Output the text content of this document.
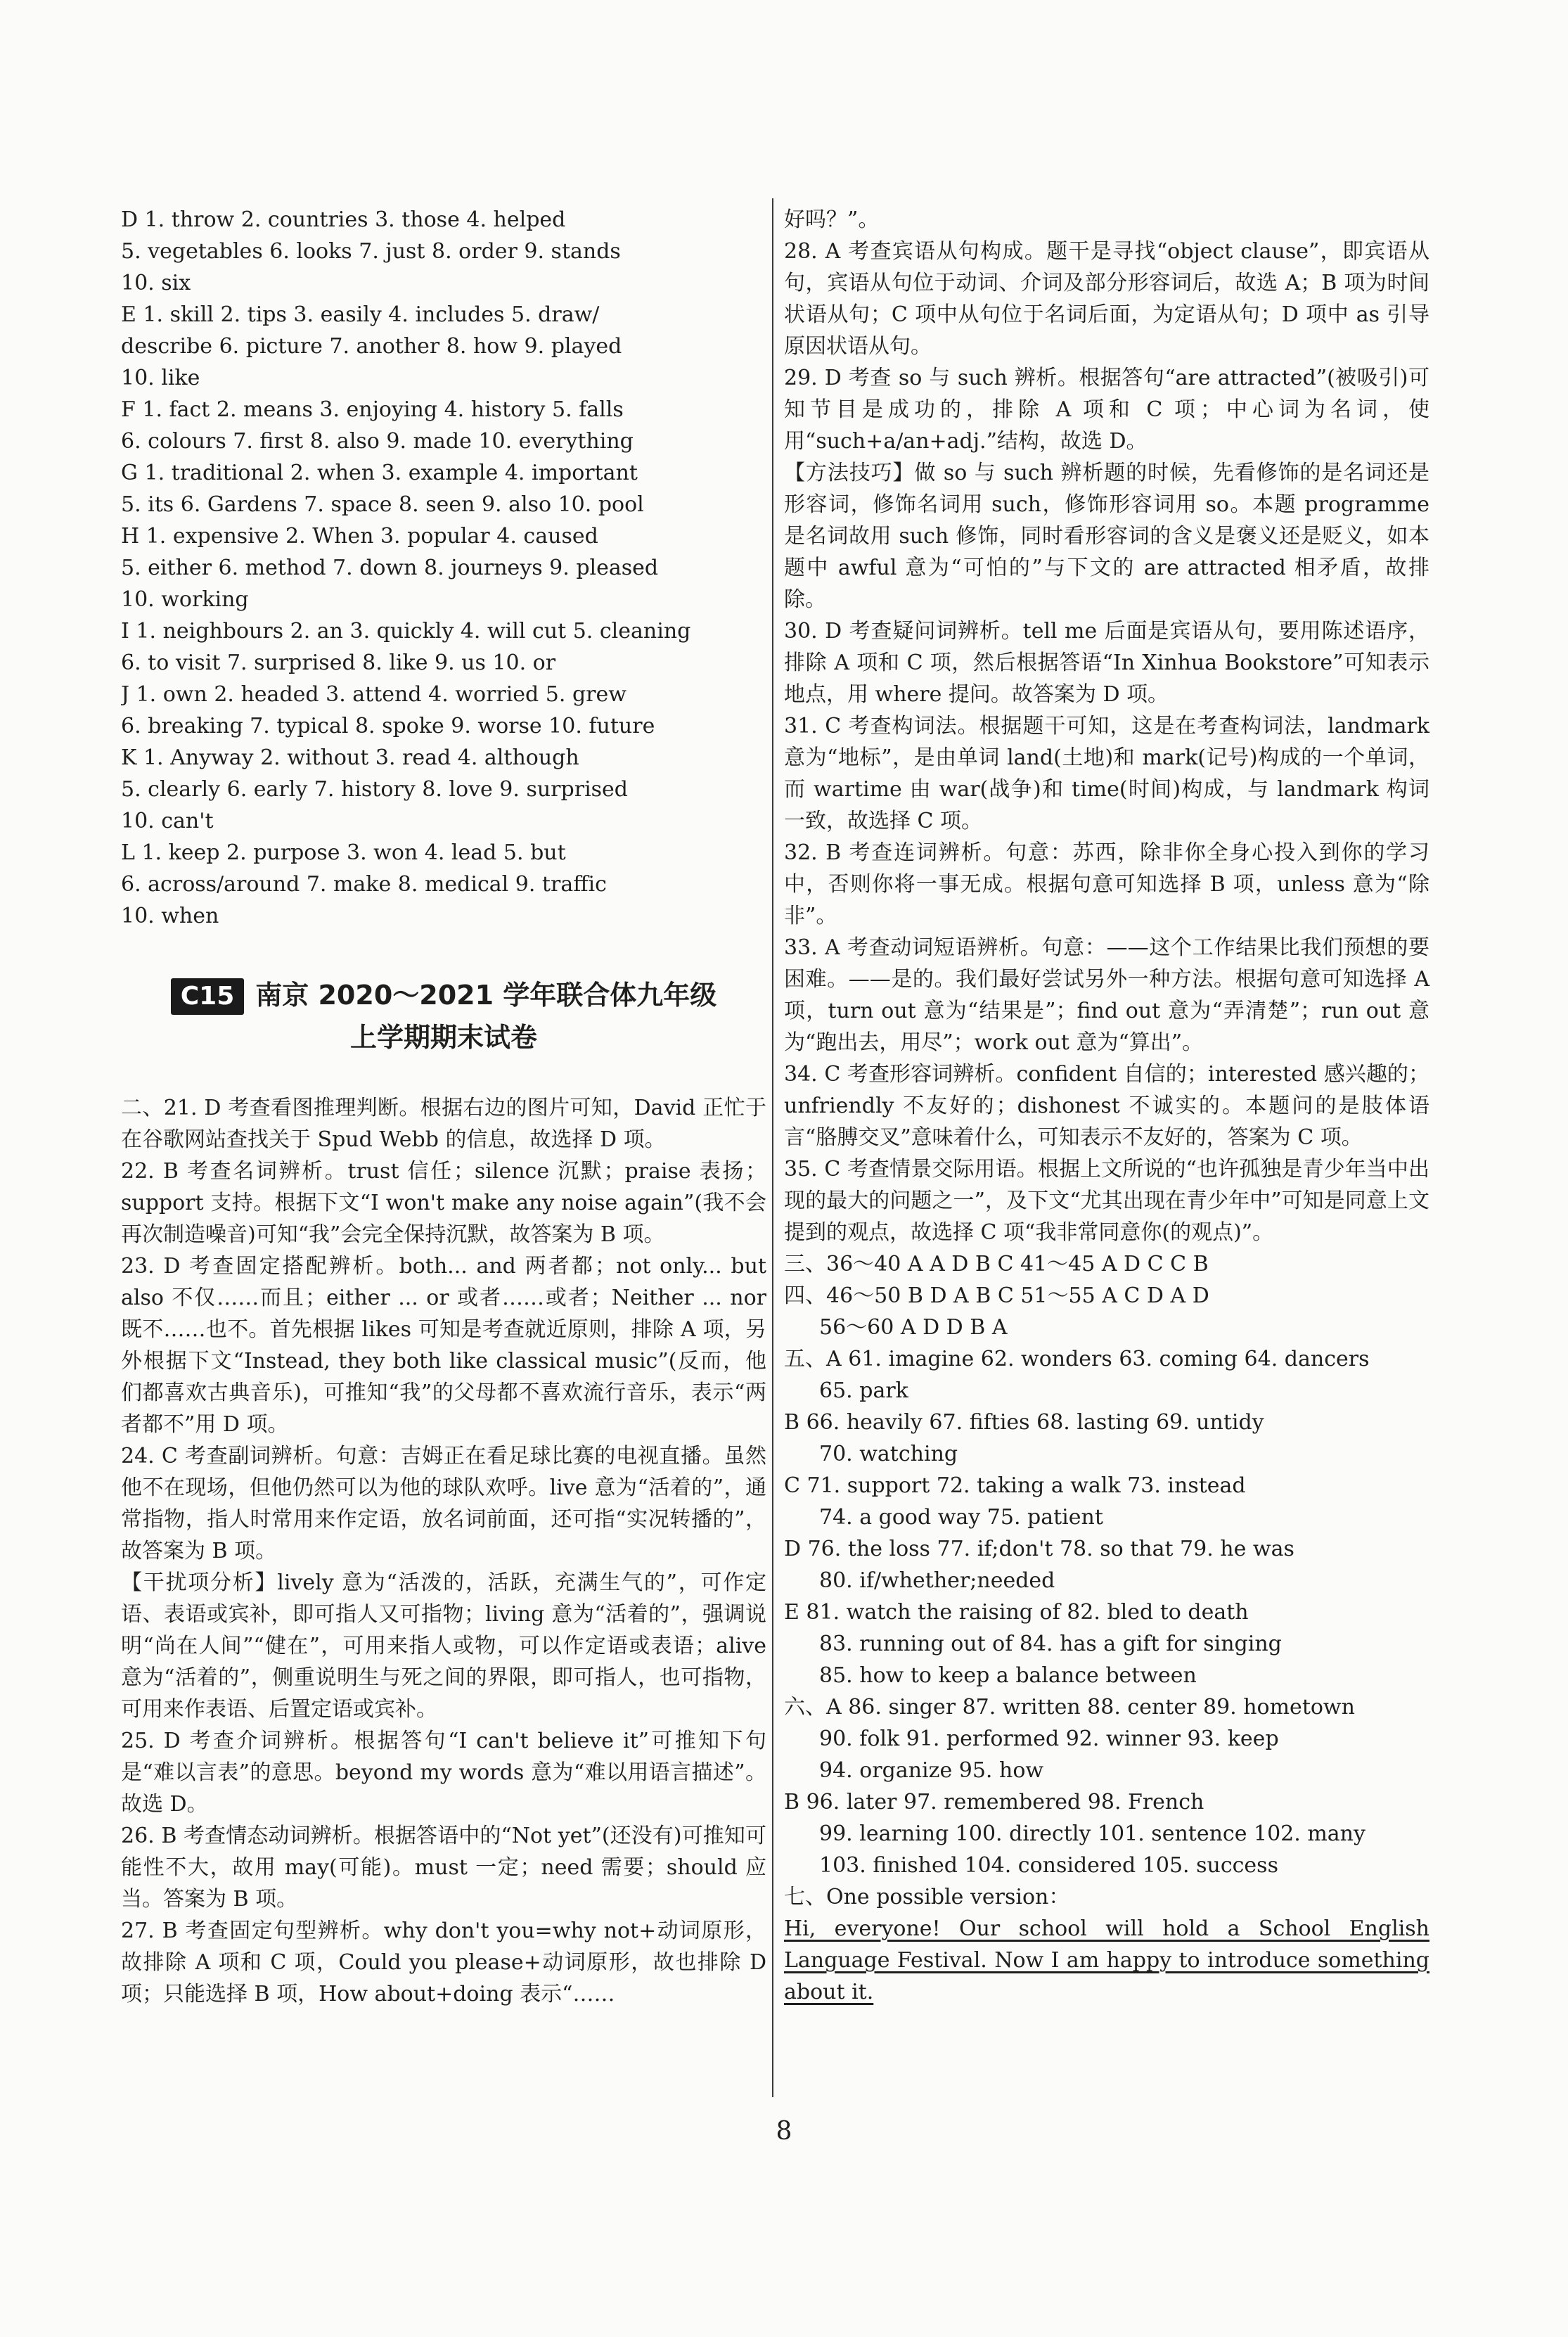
D 1. throw 2. countries 3. those 4. helped
5. vegetables 6. looks 7. just 8. order 9. stands
10. six
E 1. skill 2. tips 3. easily 4. includes 5. draw/
describe 6. picture 7. another 8. how 9. played
10. like
F 1. fact 2. means 3. enjoying 4. history 5. falls
6. colours 7. first 8. also 9. made 10. everything
G 1. traditional 2. when 3. example 4. important
5. its 6. Gardens 7. space 8. seen 9. also 10. pool
H 1. expensive 2. When 3. popular 4. caused
5. either 6. method 7. down 8. journeys 9. pleased
10. working
I 1. neighbours 2. an 3. quickly 4. will cut 5. cleaning
6. to visit 7. surprised 8. like 9. us 10. or
J 1. own 2. headed 3. attend 4. worried 5. grew
6. breaking 7. typical 8. spoke 9. worse 10. future
K 1. Anyway 2. without 3. read 4. although
5. clearly 6. early 7. history 8. love 9. surprised
10. can't
L 1. keep 2. purpose 3. won 4. lead 5. but
6. across/around 7. make 8. medical 9. traffic
10. when
C15 南京 2020～2021 学年联合体九年级
上学期期末试卷
二、21. D 考查看图推理判断。根据右边的图片可知，David 正忙于在谷歌网站查找关于 Spud Webb 的信息，故选择 D 项。
22. B 考查名词辨析。trust 信任；silence 沉默；praise 表扬；support 支持。根据下文“I won't make any noise again”(我不会再次制造噪音)可知“我”会完全保持沉默，故答案为 B 项。
23. D 考查固定搭配辨析。both... and 两者都；not only... but also 不仅……而且；either ... or 或者……或者；Neither ... nor 既不……也不。首先根据 likes 可知是考查就近原则，排除 A 项，另外根据下文“Instead, they both like classical music”(反而，他们都喜欢古典音乐)，可推知“我”的父母都不喜欢流行音乐，表示“两者都不”用 D 项。
24. C 考查副词辨析。句意：吉姆正在看足球比赛的电视直播。虽然他不在现场，但他仍然可以为他的球队欢呼。live 意为“活着的”，通常指物，指人时常用来作定语，放名词前面，还可指“实况转播的”，故答案为 B 项。
【干扰项分析】lively 意为“活泼的，活跃，充满生气的”，可作定语、表语或宾补，即可指人又可指物；living 意为“活着的”，强调说明“尚在人间”“健在”，可用来指人或物，可以作定语或表语；alive 意为“活着的”，侧重说明生与死之间的界限，即可指人，也可指物，可用来作表语、后置定语或宾补。
25. D 考查介词辨析。根据答句“I can't believe it”可推知下句是“难以言表”的意思。beyond my words 意为“难以用语言描述”。故选 D。
26. B 考查情态动词辨析。根据答语中的“Not yet”(还没有)可推知可能性不大，故用 may(可能)。must 一定；need 需要；should 应当。答案为 B 项。
27. B 考查固定句型辨析。why don't you=why not+动词原形，故排除 A 项和 C 项，Could you please+动词原形，故也排除 D 项；只能选择 B 项，How about+doing 表示“……
好吗？”。
28. A 考查宾语从句构成。题干是寻找“object clause”，即宾语从句，宾语从句位于动词、介词及部分形容词后，故选 A；B 项为时间状语从句；C 项中从句位于名词后面，为定语从句；D 项中 as 引导原因状语从句。
29. D 考查 so 与 such 辨析。根据答句“are attracted”(被吸引)可知节目是成功的，排除 A 项和 C 项；中心词为名词，使用“such+a/an+adj.”结构，故选 D。
【方法技巧】做 so 与 such 辨析题的时候，先看修饰的是名词还是形容词，修饰名词用 such，修饰形容词用 so。本题 programme 是名词故用 such 修饰，同时看形容词的含义是褒义还是贬义，如本题中 awful 意为“可怕的”与下文的 are attracted 相矛盾，故排除。
30. D 考查疑问词辨析。tell me 后面是宾语从句，要用陈述语序，排除 A 项和 C 项，然后根据答语“In Xinhua Bookstore”可知表示地点，用 where 提问。故答案为 D 项。
31. C 考查构词法。根据题干可知，这是在考查构词法，landmark 意为“地标”，是由单词 land(土地)和 mark(记号)构成的一个单词，而 wartime 由 war(战争)和 time(时间)构成，与 landmark 构词一致，故选择 C 项。
32. B 考查连词辨析。句意：苏西，除非你全身心投入到你的学习中，否则你将一事无成。根据句意可知选择 B 项，unless 意为“除非”。
33. A 考查动词短语辨析。句意：——这个工作结果比我们预想的要困难。——是的。我们最好尝试另外一种方法。根据句意可知选择 A 项，turn out 意为“结果是”；find out 意为“弄清楚”；run out 意为“跑出去，用尽”；work out 意为“算出”。
34. C 考查形容词辨析。confident 自信的；interested 感兴趣的；unfriendly 不友好的；dishonest 不诚实的。本题问的是肢体语言“胳膊交叉”意味着什么，可知表示不友好的，答案为 C 项。
35. C 考查情景交际用语。根据上文所说的“也许孤独是青少年当中出现的最大的问题之一”，及下文“尤其出现在青少年中”可知是同意上文提到的观点，故选择 C 项“我非常同意你(的观点)”。
三、36～40 A A D B C 41～45 A D C C B
四、46～50 B D A B C 51～55 A C D A D
56～60 A D D B A
五、A 61. imagine 62. wonders 63. coming 64. dancers
65. park
B 66. heavily 67. fifties 68. lasting 69. untidy
70. watching
C 71. support 72. taking a walk 73. instead
74. a good way 75. patient
D 76. the loss 77. if;don't 78. so that 79. he was
80. if/whether;needed
E 81. watch the raising of 82. bled to death
83. running out of 84. has a gift for singing
85. how to keep a balance between
六、A 86. singer 87. written 88. center 89. hometown
90. folk 91. performed 92. winner 93. keep
94. organize 95. how
B 96. later 97. remembered 98. French
99. learning 100. directly 101. sentence 102. many
103. finished 104. considered 105. success
七、One possible version：
Hi, everyone! Our school will hold a School English Language Festival. Now I am happy to introduce something about it.
8
